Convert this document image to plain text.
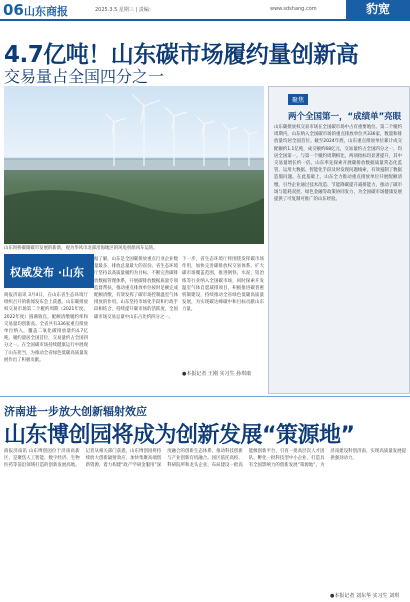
06 山东商报	2025.3.5 星期三 | 责编：	www.sdshang.com	豹宽
4.7亿吨！山东碳市场履约量创新高
交易量占全国四分之一
山东坝桥碳储碳市发展的新新，观为华风市北部沿海地区的风电机组风车运转。
权威发布 ·山东
商报济南讯 3月4日，在山东省生态环境厅组织召开的新闻发布会上获悉，山东碳排放权交易市场第二个履约周期（2021年度、2022年度）圆满收官，配额清缴履约率和交易量均创新高。全省共有336家重点排放单位纳入，覆盖二氧化碳排放量约4.7亿吨，履约量居全国首位，交易量约占全国四分之一。在全国碳市场持续健康运行中展现了山东担当，为推动全省绿色低碳高质量发展作出了积极贡献。
据了解，山东是全国碳排放重点行业企业数量最多、排放总量最大的省份。省生态环境厅坚持以高质量履约为目标，不断完善碳排放数据管理体系，开展碳排放数据质量专项监督帮扶，推动重点排放单位按时足额完成配额清缴，有效发挥了碳市场控制温室气体排放的作用。山东坚持市场化手段和行政手段相结合，持续提升碳市场的活跃度，全国碳市场交易总量中山东占比约四分之一。
下一步，省生态环境厅将围绕发挥碳市场作用，加快完善碳排放权交易体系，扩大碳市场覆盖范围，推进钢铁、水泥、铝冶炼等行业纳入全国碳市场，同时探索开发温室气体自愿减排项目，积极推进碳普惠机制建设，持续推动全省绿色低碳高质量发展，为实现碳达峰碳中和目标贡献山东力量。
●本报记者 王刚 实习生 孙琪康
聚焦
两个全国第一，“成绩单”亮眼
山东碳排放权交易市场在全国碳市场中占有重要地位。第二个履约周期内，山东纳入全国碳市场的重点排放单位共336家，数量和排放量均居全国首位。截至2024年底，山东重点排放单位累计成交配额约1.1亿吨，成交额约68亿元，交易量约占全国四分之一，均居全国第一。与第一个履约周期相比，两项指标均显著提升，其中交易量增长约一倍。山东率先探索开展碳排放数据质量常态化监管，运用大数据、智能化手段及时发现问题线索，有效遏制了数据造假问题。在此基础上，山东全力推动重点排放单位开展配额清缴，引导企业通过技术改造、节能降碳提升减排能力，推动了碳市场与能耗双控、绿色金融等政策协同发力，为全国碳市场健康发展提供了可复制可推广的山东经验。
济南进一步放大创新辐射效应
山东博创园将成为创新发展“策源地”
商报济南讯 山东博创园位于济南高新区，是聚焦人工智能、数字经济、生物医药等前沿领域打造的创新发展高地。记者从相关部门获悉，山东博创园将持续放大创新辐射效应，加快集聚高端创新资源，着力构建“政产学研金服用”深度融合的创新生态体系，推动科技创新与产业创新有机融合。园区依托高校、科研院所和龙头企业，布局建设一批高能级创新平台，引育一批高层次人才团队，孵化一批科技型中小企业，打造具有全国影响力的创新发展“策源地”，为济南建设科创济南、实现高质量发展提供强劲动力。
●本报记者 刘东华 实习生 刘琪
